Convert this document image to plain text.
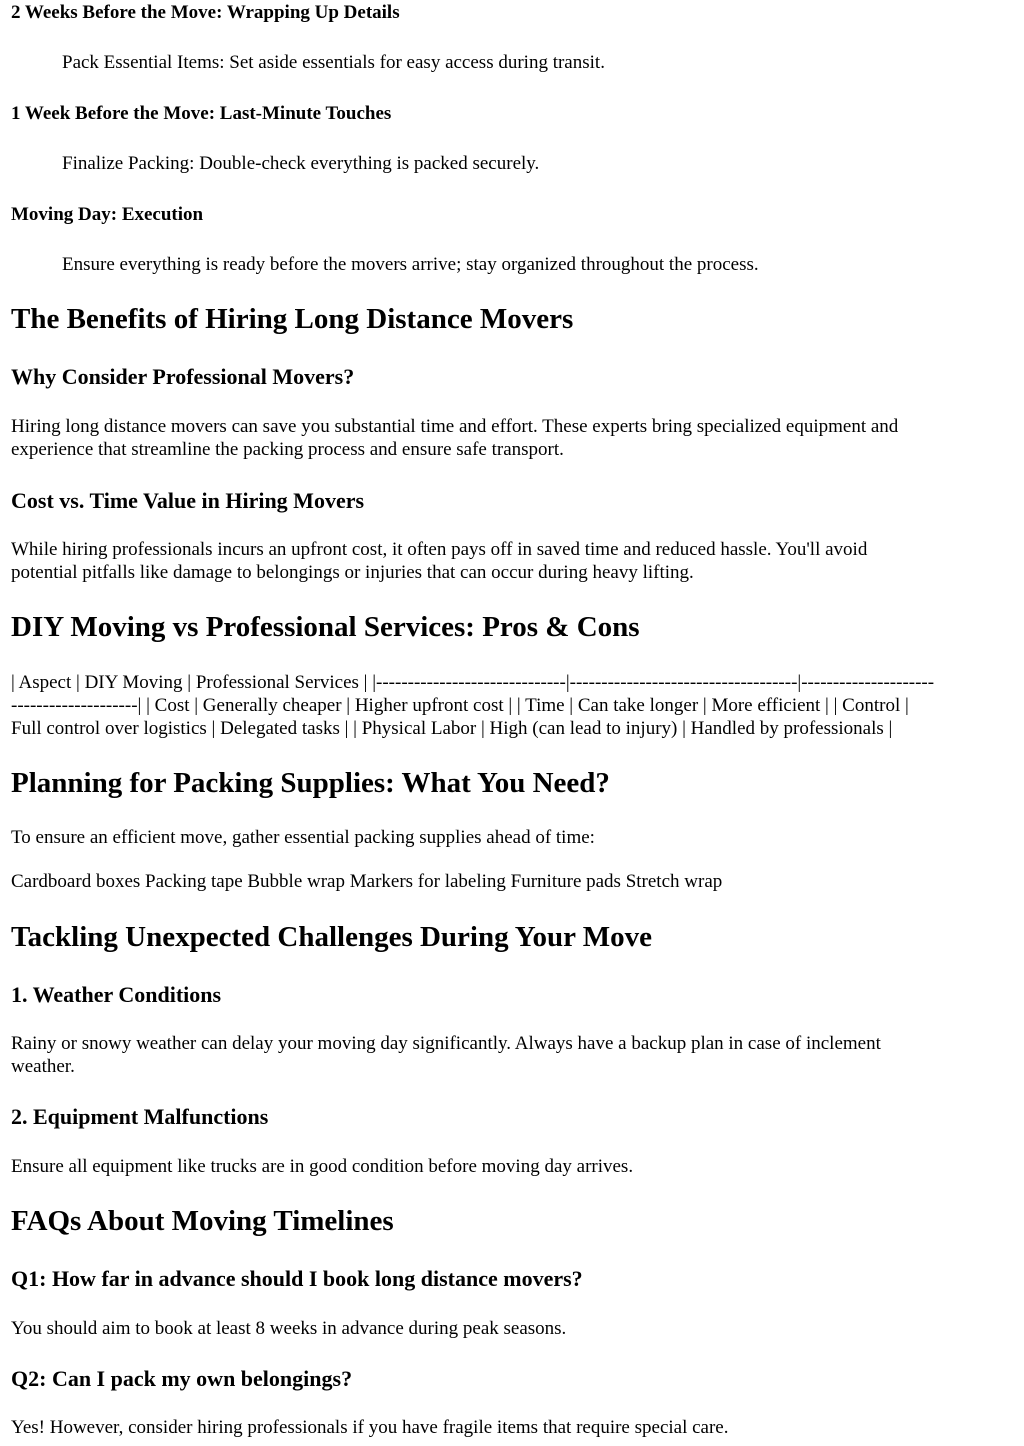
2 Weeks Before the Move: Wrapping Up Details

Pack Essential Items: Set aside essentials for easy access during transit.

1 Week Before the Move: Last-Minute Touches

Finalize Packing: Double-check everything is packed securely.

Moving Day: Execution

Ensure everything is ready before the movers arrive; stay organized throughout the process.

The Benefits of Hiring Long Distance Movers
Why Consider Professional Movers?

Hiring long distance movers can save you substantial time and effort. These experts bring specialized equipment and

experience that streamline the packing process and ensure safe transport.

Cost vs. Time Value in Hiring Movers

While hiring professionals incurs an upfront cost, it often pays off in saved time and reduced hassle. You'll avoid

potential pitfalls like damage to belongings or injuries that can occur during heavy lifting.

DIY Moving vs Professional Services: Pros & Cons

| Aspect | DIY Moving | Professional Services | |------------------------------|------------------------------------|---------------------

--------------------| | Cost | Generally cheaper | Higher upfront cost | | Time | Can take longer | More efficient | | Control |

Full control over logistics | Delegated tasks | | Physical Labor | High (can lead to injury) | Handled by professionals |

Planning for Packing Supplies: What You Need?

To ensure an efficient move, gather essential packing supplies ahead of time:

Cardboard boxes Packing tape Bubble wrap Markers for labeling Furniture pads Stretch wrap

Tackling Unexpected Challenges During Your Move
1. Weather Conditions

Rainy or snowy weather can delay your moving day significantly. Always have a backup plan in case of inclement

weather.

2. Equipment Malfunctions

Ensure all equipment like trucks are in good condition before moving day arrives.

FAQs About Moving Timelines
Q1: How far in advance should I book long distance movers?

You should aim to book at least 8 weeks in advance during peak seasons.

Q2: Can I pack my own belongings?

Yes! However, consider hiring professionals if you have fragile items that require special care.
